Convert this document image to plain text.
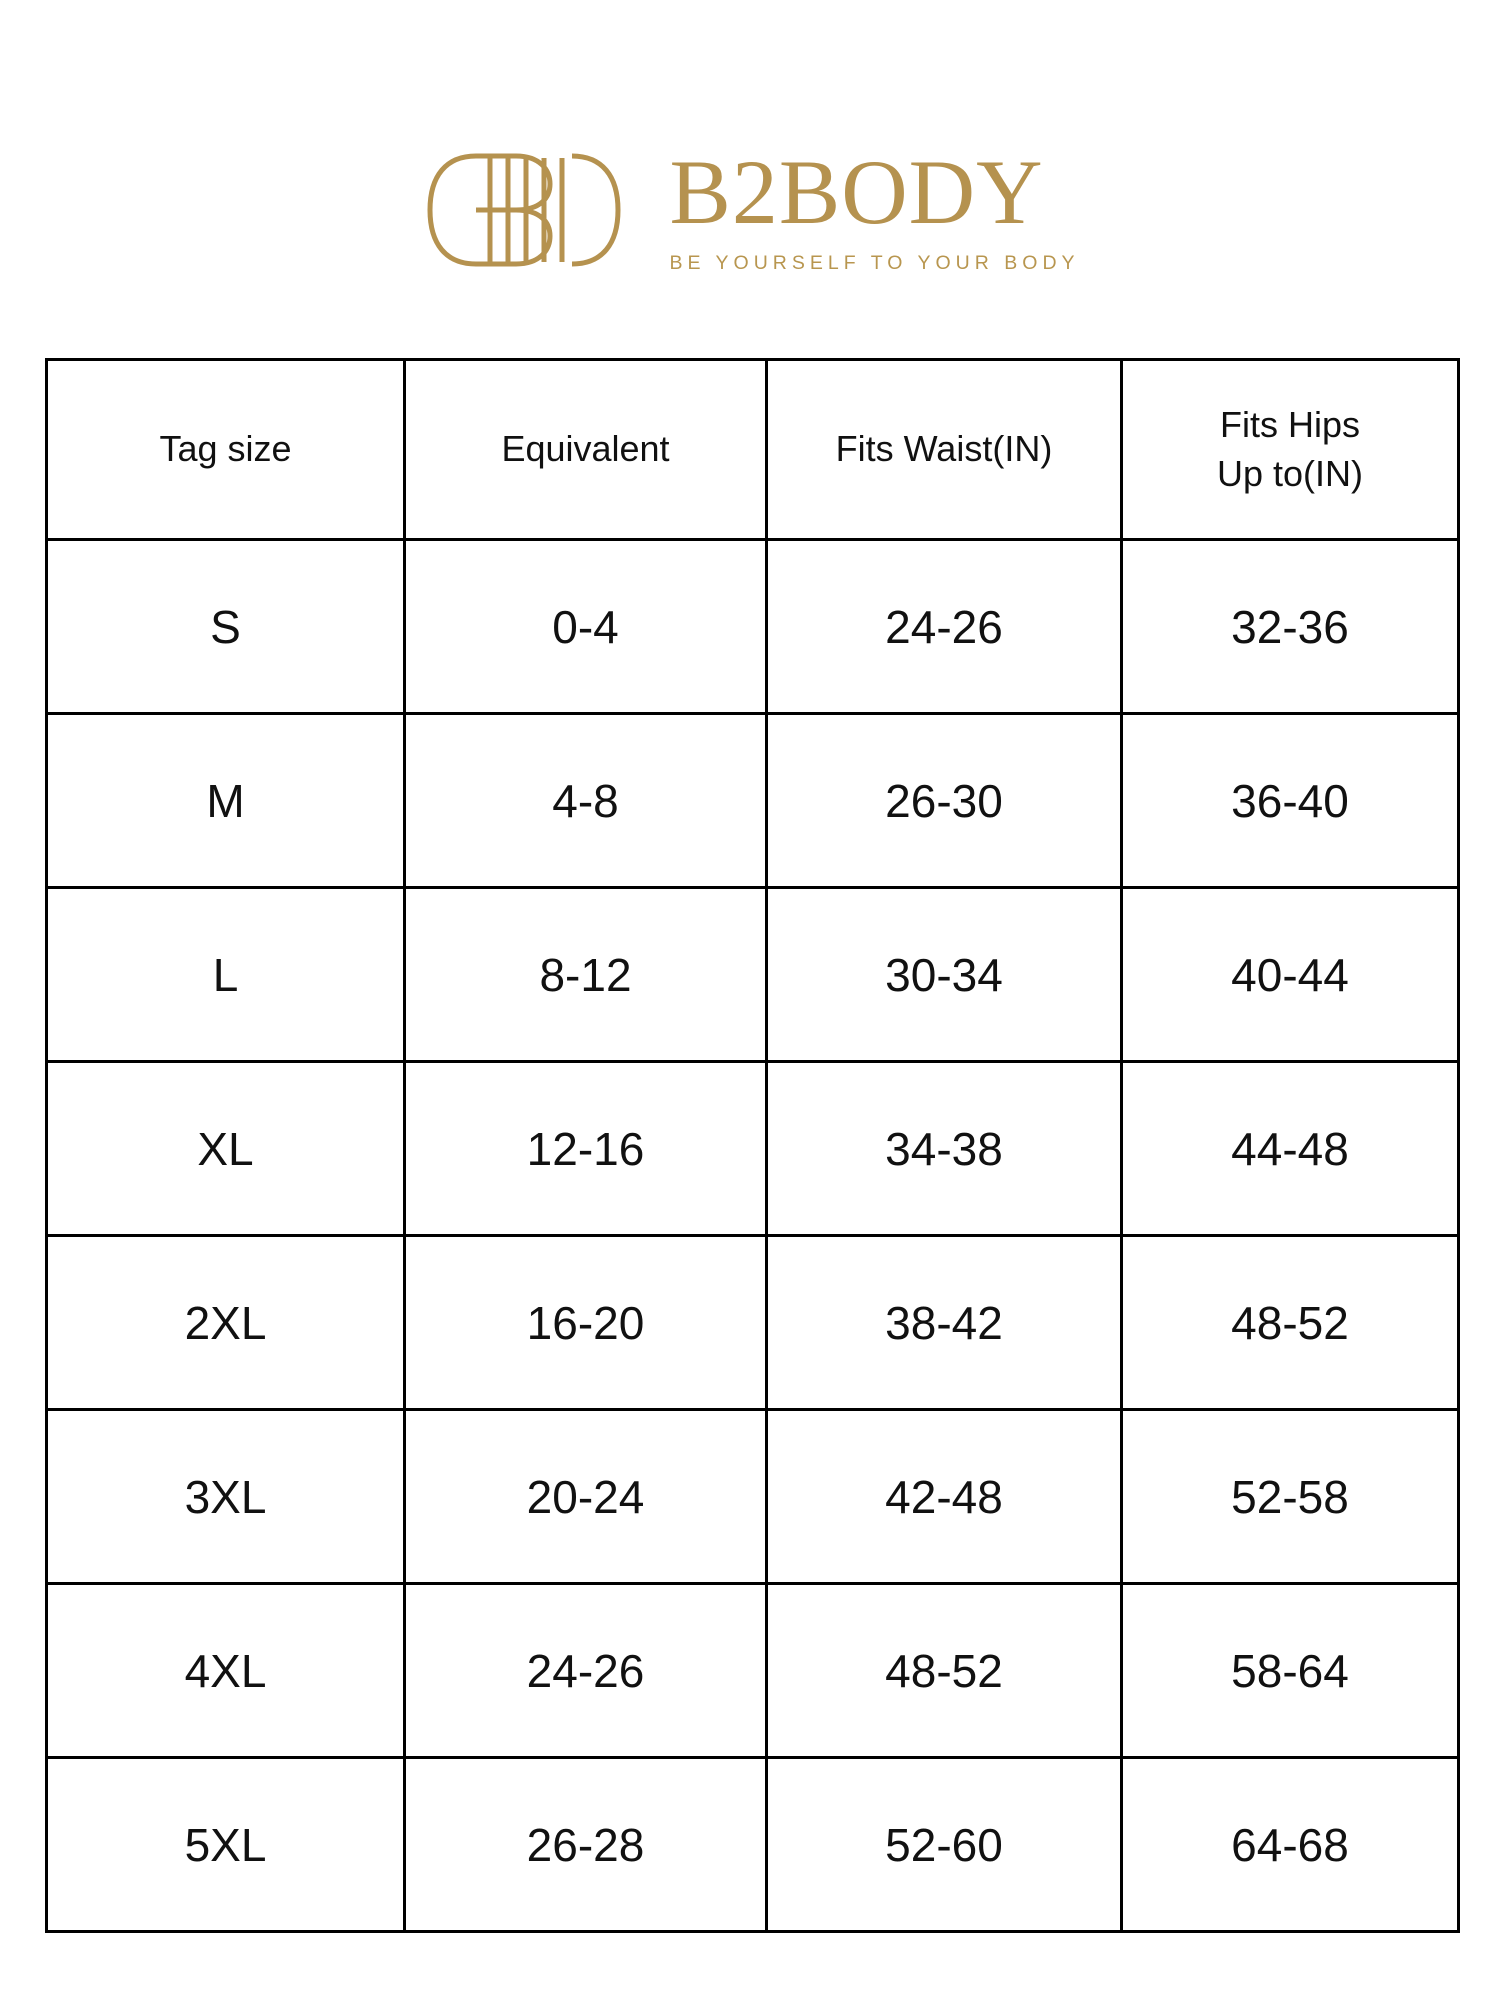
B2BODY
BE YOURSELF TO YOUR BODY
Tag size	Equivalent	Fits Waist(IN)	Fits Hips
Up to(IN)

S	0-4	24-26	32-36
M	4-8	26-30	36-40
L	8-12	30-34	40-44
XL	12-16	34-38	44-48
2XL	16-20	38-42	48-52
3XL	20-24	42-48	52-58
4XL	24-26	48-52	58-64
5XL	26-28	52-60	64-68
